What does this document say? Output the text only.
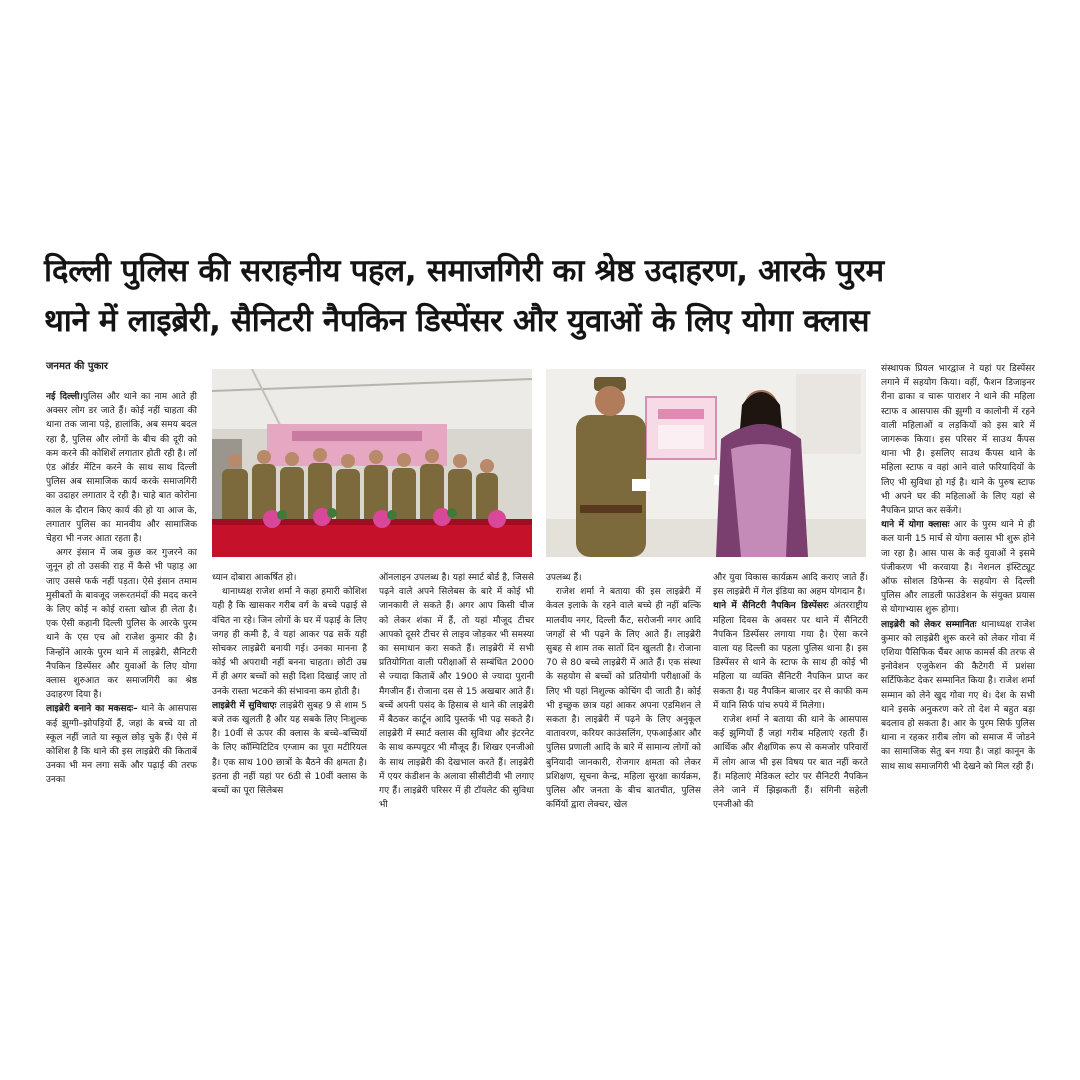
दिल्ली पुलिस की सराहनीय पहल, समाजगिरी का श्रेष्ठ उदाहरण, आरके पुरम
थाने में लाइब्रेरी, सैनिटरी नैपकिन डिस्पेंसर और युवाओं के लिए योगा क्लास
जनमत की पुकार

नई दिल्ली।पुलिस और थाने का नाम आते ही अक्सर लोग डर जाते हैं। कोई नहीं चाहता की थाना तक जाना पड़े, हालांकि, अब समय बदल रहा है, पुलिस और लोगों के बीच की दूरी को कम करने की कोशिशें लगातार होती रही है। लॉ एंड ऑर्डर मेंटिन करने के साथ साथ दिल्ली पुलिस अब सामाजिक कार्य करके समाजगिरी का उदाहर लगातार दे रही है। चाहे बात कोरोना काल के दौरान किए कार्य की हो या आज के, लगातार पुलिस का मानवीय और सामाजिक चेहरा भी नजर आता रहता है।

अगर इंसान में जब कुछ कर गुजरने का जुनून हो तो उसकी राह में कैसे भी पहाड़ आ जाए उससे फर्क नहीं पड़ता। ऐसे इंसान तमाम मुसीबतों के बावजूद जरूरतमंदों की मदद करने के लिए कोई न कोई रास्ता खोज ही लेता है। एक ऐसी कहानी दिल्ली पुलिस के आरके पुरम थाने के एस एच ओ राजेश कुमार की है। जिन्होंने आरके पुरम थाने में लाइब्रेरी, सैनिटरी नैपकिन डिस्पेंसर और युवाओं के लिए योगा क्लास शुरुआत कर समाजगिरी का श्रेष्ठ उदाहरण दिया है।

लाइब्रेरी बनाने का मकसदः– थाने के आसपास कई झुग्गी–झोपड़ियों हैं, जहां के बच्चे या तो स्कूल नहीं जाते या स्कूल छोड़ चुके हैं। ऐसे में कोशिश है कि थाने की इस लाइब्रेरी की किताबें उनका भी मन लगा सकें और पढ़ाई की तरफ उनका

ध्यान दोबारा आकर्षित हो।

थानाध्यक्ष राजेश शर्मा ने कहा हमारी कोशिश यही है कि खासकर गरीब वर्ग के बच्चे पढ़ाई से वंचित ना रहे। जिन लोगों के घर में पढ़ाई के लिए जगह ही कमी है, वे यहां आकर पढ सकें यही सोचकर लाइब्रेरी बनायी गई। उनका मानना है कोई भी अपराधी नहीं बनना चाहता। छोटी उम्र में ही अगर बच्चों को सही दिशा दिखाई जाए तो उनके रास्ता भटकने की संभावना कम होती है।

लाइब्रेरी में सुविधाएः लाइब्रेरी सुबह 9 से शाम 5 बजे तक खुलती है और यह सबके लिए निःशुल्क है। 10वीं से ऊपर की क्लास के बच्चे–बच्चियों के लिए कॉम्पिटिटिव एग्जाम का पूरा मटीरियल है। एक साथ 100 छात्रों के बैठने की क्षमता है। इतना ही नहीं यहां पर 6ठी से 10वीं क्लास के बच्चों का पूरा सिलेबस

ऑनलाइन उपलब्ध है। यहां स्मार्ट बोर्ड है, जिससे पढ़ने वाले अपने सिलेबस के बारे में कोई भी जानकारी ले सकते हैं। अगर आप किसी चीज को लेकर शंका में हैं, तो यहां मौजूद टीचर आपको दूसरे टीचर से लाइव जोड़कर भी समस्या का समाधान करा सकते हैं। लाइब्रेरी में सभी प्रतियोगिता वाली परीक्षाओं से सम्बंधित 2000 से ज्यादा किताबें और 1900 से ज्यादा पुरानी मैगजीन हैं। रोजाना दस से 15 अखबार आते हैं। बच्चें अपनी पसंद के हिसाब से थाने की लाइब्रेरी में बैठकर कार्टून आदि पुस्तकें भी पढ़ सकते है। लाइब्रेरी में स्मार्ट क्लास की सुविधा और इंटरनेट के साथ कम्पयूटर भी मौजूद हैं। शिखर एनजीओ के साथ लाइब्रेरी की देखभाल करते हैं। लाइब्रेरी में एयर कंडीशन के अलावा सीसीटीवी भी लगाए गए हैं। लाइब्रेरी परिसर में ही टॉयलेट की सुविधा भी

उपलब्ध हैं।

राजेश शर्मा ने बताया की इस लाइब्रेरी में केवल इलाके के रहने वाले बच्चे ही नहीं बल्कि मालवीय नगर, दिल्ली कैंट, सरोजनी नगर आदि जगहों से भी पढ़ने के लिए आते हैं। लाइब्रेरी सुबह से शाम तक सातों दिन खुलती है। रोजाना 70 से 80 बच्चे लाइब्रेरी में आते हैं। एक संस्था के सहयोग से बच्चों को प्रतियोगी परीक्षाओं के लिए भी यहां निशुल्क कोचिंग दी जाती है। कोई भी इच्छुक छात्र यहां आकर अपना एडमिशन ले सकता है। लाइब्रेरी में पढ़ने के लिए अनुकूल वातावरण, करियर काउंसलिंग, एफआईआर और पुलिस प्रणाली आदि के बारे में सामान्य लोगों को बुनियादी जानकारी, रोजगार क्षमता को लेकर प्रशिक्षण, सूचना केन्द्र, महिला सुरक्षा कार्यक्रम, पुलिस और जनता के बीच बातचीत, पुलिस कर्मियों द्वारा लेक्चर, खेल

और युवा विकास कार्यक्रम आदि कराए जाते हैं। इस लाइब्रेरी में गेल इंडिया का अहम योगदान है।

थाने में सैनिटरी नैपकिन डिस्पेंसरः अंतरराष्ट्रीय महिला दिवस के अवसर पर थाने में सैनिटरी नैपकिन डिस्पेंसर लगाया गया है। ऐसा करने वाला यह दिल्ली का पहला पुलिस थाना है। इस डिस्पेंसर से थाने के स्टाफ के साथ ही कोई भी महिला या व्यक्ति सैनिटरी नैपकिन प्राप्त कर सकता है। यह नैपकिन बाजार दर से काफी कम में यानि सिर्फ पांच रुपये में मिलेगा।

राजेश शर्मा ने बताया की थाने के आसपास कई झुग्गियों हैं जहां गरीब महिलाएं रहती हैं। आर्थिक और शैक्षणिक रूप से कमजोर परिवारों में लोग आज भी इस विषय पर बात नहीं करते हैं। महिलाएं मेडिकल स्टोर पर सैनिटरी नैपकिन लेने जाने में झिझकती हैं। संगिनी सहेली एनजीओ की

संस्थापक प्रियल भारद्वाज ने यहां पर डिस्पेंसर लगाने में सहयोग किया। वहीं, फैशन डिजाइनर रीना ढाका व चारू पाराशर ने थाने की महिला स्टाफ व आसपास की झुग्गी व कालोनी में रहने वाली महिलाओं व लड़कियों को इस बारे में जागरूक किया। इस परिसर में साउथ कैंपस थाना भी है। इसलिए साउथ कैंपस थाने के महिला स्टाफ व वहां आने वाले फरियादियों के लिए भी सुविधा हो गई है। थाने के पुरुष स्टाफ भी अपने घर की महिलाओं के लिए यहां से नैपकिन प्राप्त कर सकेंगे।

थाने में योगा क्लासः आर के पुरम थाने मे ही कल यानी 15 मार्च से योगा क्लास भी शुरू होने जा रहा है। आस पास के कई युवाओं ने इसमे पंजीकरण भी करवाया है। नेशनल इंस्टिट्यूट ऑफ सोशल डिफेन्स के सहयोग से दिल्ली पुलिस और लाडली फाउंडेशन के संयुक्त प्रयास से योगाभ्यास शुरू होगा।

लाइब्रेरी को लेकर सम्मानितः थानाध्यक्ष राजेश कुमार को लाइब्रेरी शुरू करने को लेकर गोवा में एशिया पैसिफिक चैंबर आफ कामर्स की तरफ से इनोवेशन एजुकेशन की कैटेगरी में प्रशंसा सर्टिफिकेट देकर सम्मानित किया है। राजेश शर्मा सम्मान को लेने खुद गोवा गए थे। देश के सभी थाने इसके अनुकरण करे तो देश मे बहुत बड़ा बदलाव हो सकता है। आर के पुरम सिर्फ पुलिस थाना न रहकर ग़रीब लोग को समाज में जोडने का सामाजिक सेतु बन गया है। जहां कानून के साथ साथ समाजगिरी भी देखने को मिल रही हैं।
